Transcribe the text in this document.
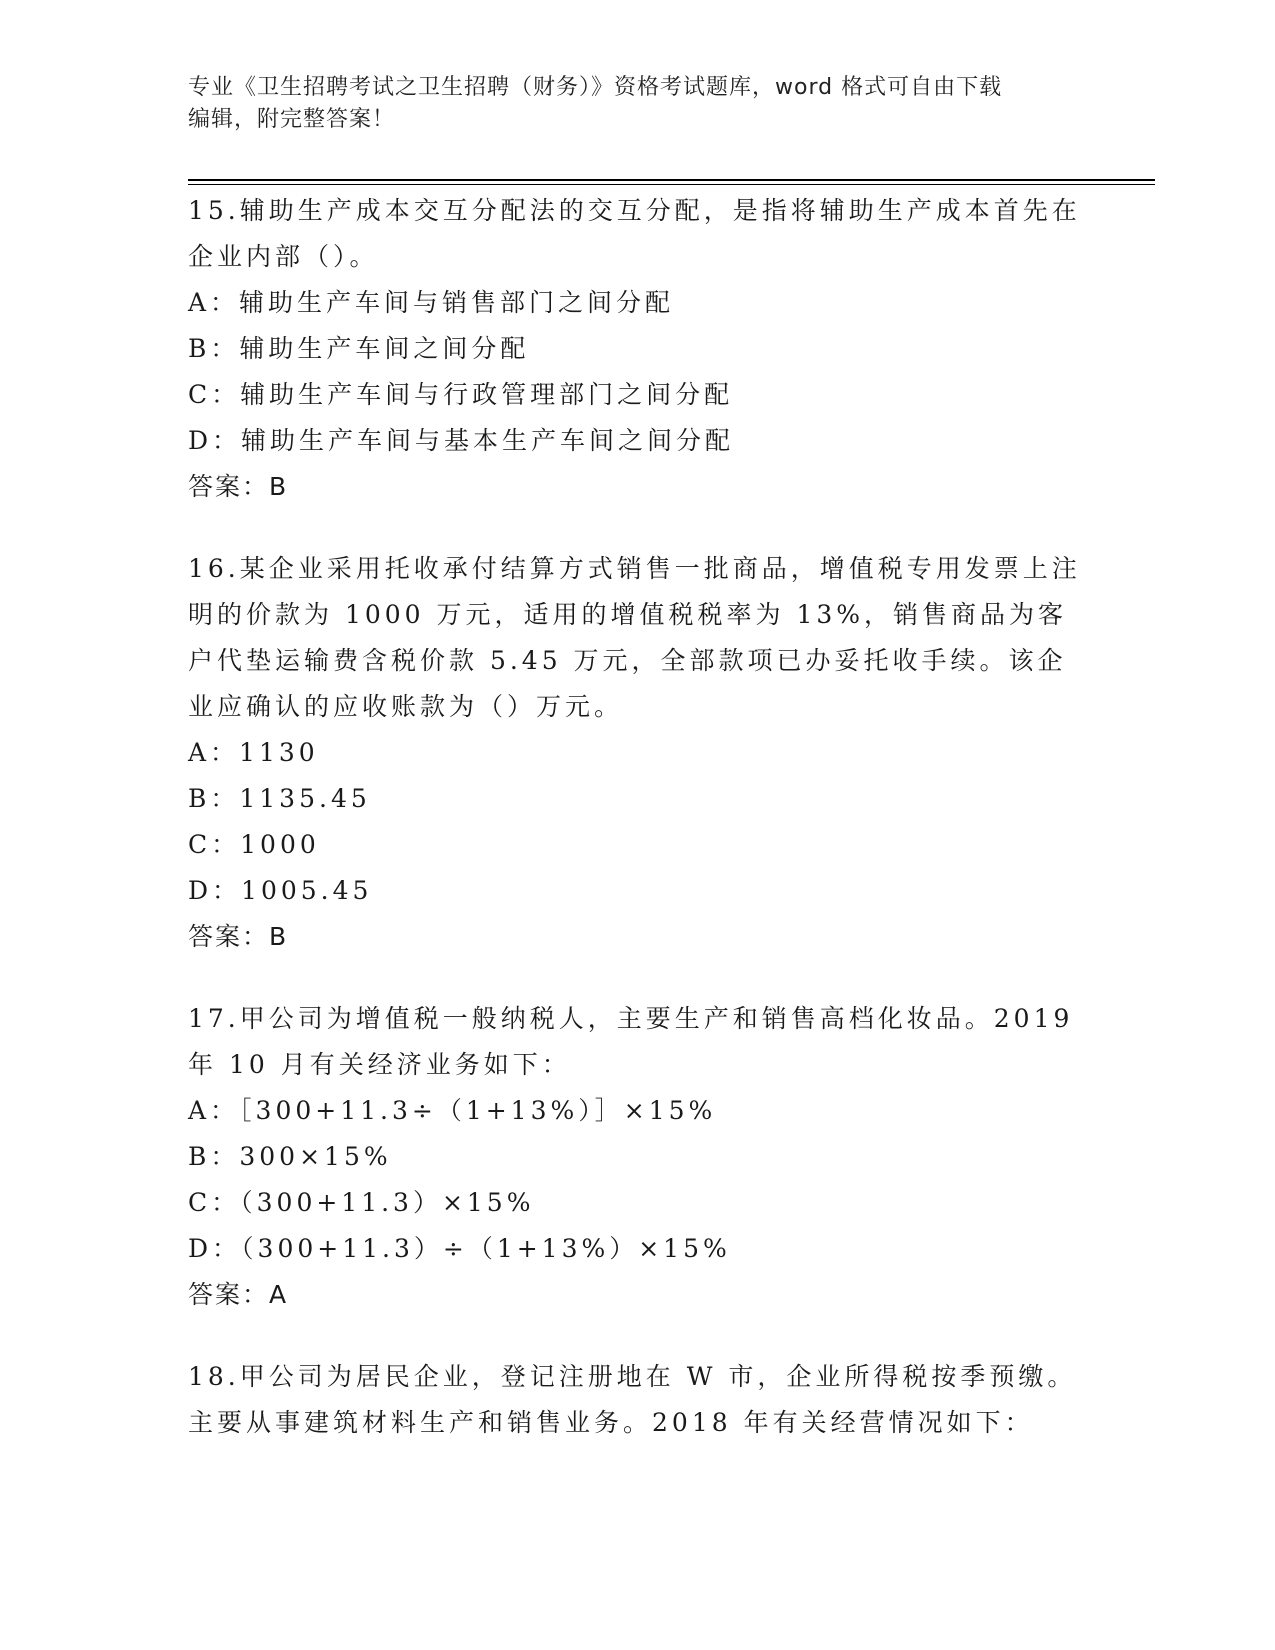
专业《卫生招聘考试之卫生招聘（财务）》资格考试题库，word 格式可自由下载
编辑，附完整答案！

15.辅助生产成本交互分配法的交互分配，是指将辅助生产成本首先在企业内部（）。

A：辅助生产车间与销售部门之间分配

B：辅助生产车间之间分配

C：辅助生产车间与行政管理部门之间分配

D：辅助生产车间与基本生产车间之间分配

答案：B

16.某企业采用托收承付结算方式销售一批商品，增值税专用发票上注明的价款为 1000 万元，适用的增值税税率为 13%，销售商品为客户代垫运输费含税价款 5.45 万元，全部款项已办妥托收手续。该企业应确认的应收账款为（）万元。

A：1130

B：1135.45

C：1000

D：1005.45

答案：B

17.甲公司为增值税一般纳税人，主要生产和销售高档化妆品。2019 年 10 月有关经济业务如下：

A：［300+11.3÷（1+13%）］×15%

B：300×15%

C：（300+11.3）×15%

D：（300+11.3）÷（1+13%）×15%

答案：A

18.甲公司为居民企业，登记注册地在 W 市，企业所得税按季预缴。主要从事建筑材料生产和销售业务。2018 年有关经营情况如下：
